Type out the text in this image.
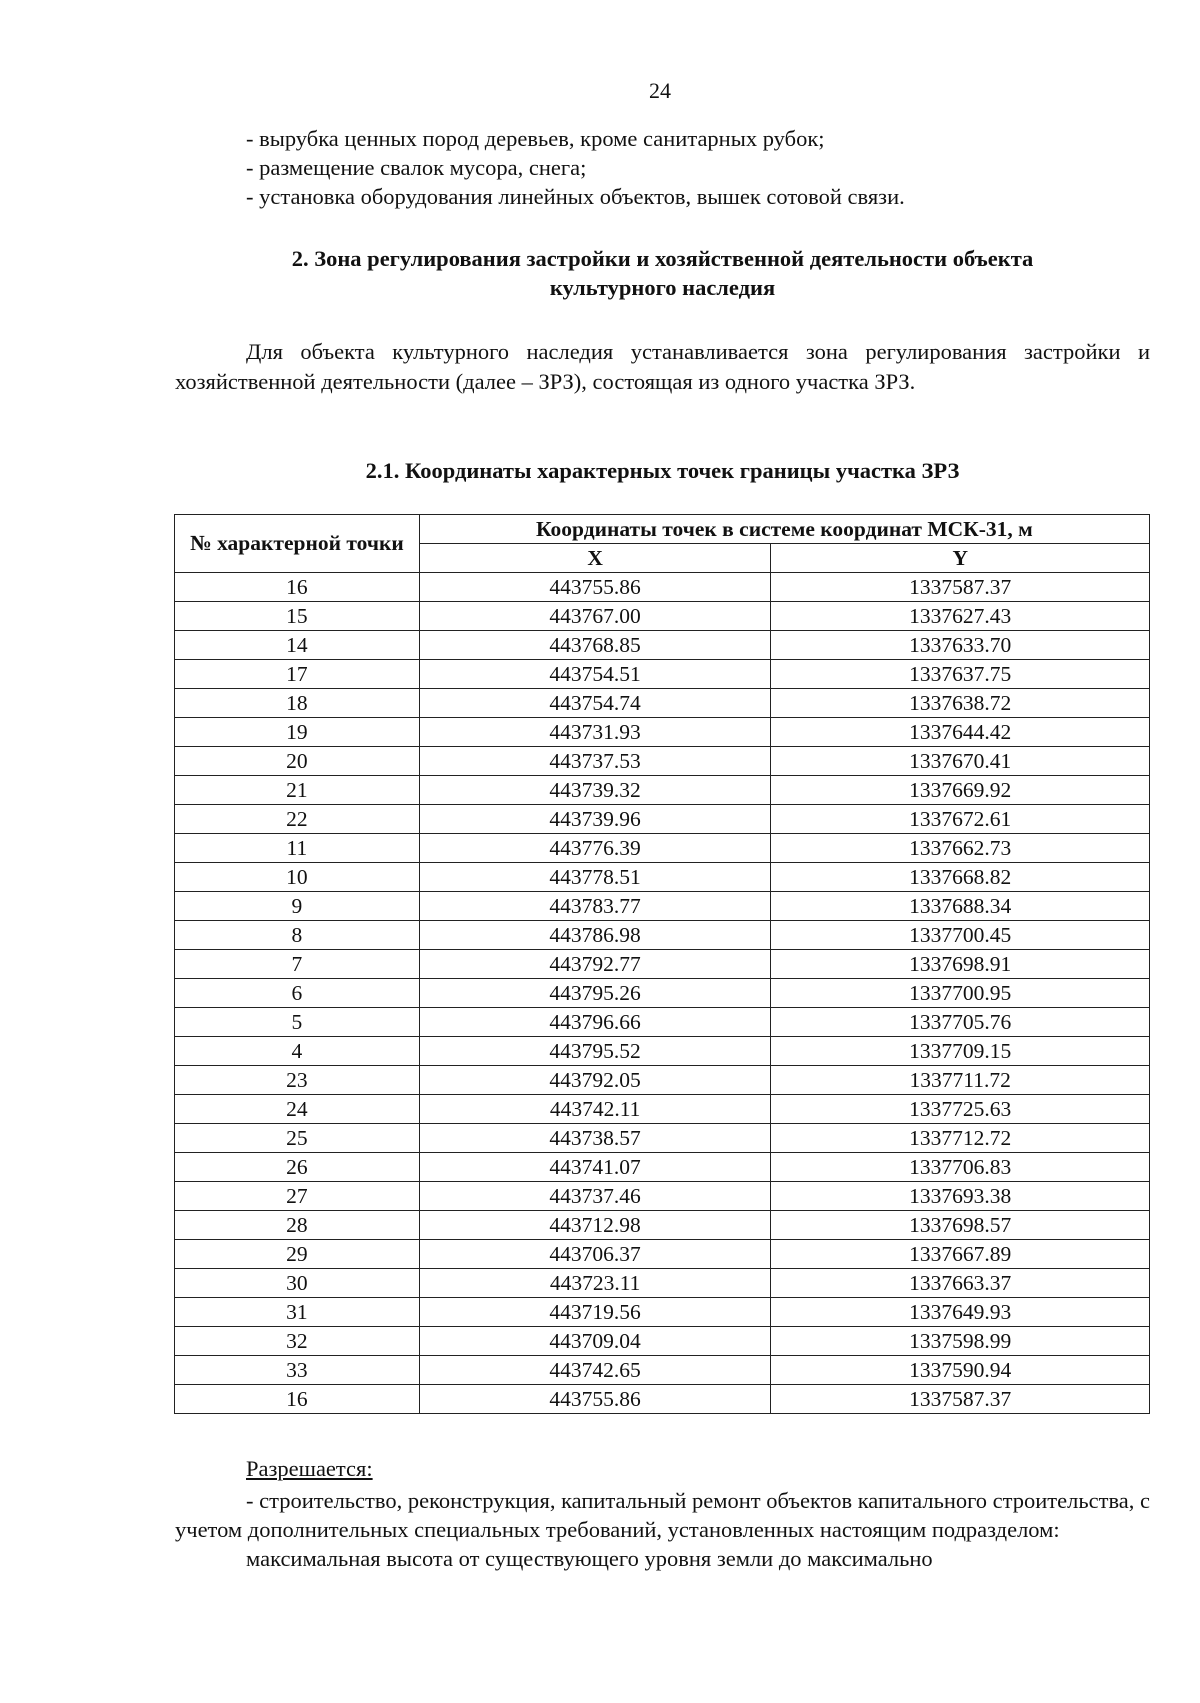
24
- вырубка ценных пород деревьев, кроме санитарных рубок;
- размещение свалок мусора, снега;
- установка оборудования линейных объектов, вышек сотовой связи.
2. Зона регулирования застройки и хозяйственной деятельности объекта
культурного наследия
Для объекта культурного наследия устанавливается зона регулирования застройки и хозяйственной деятельности (далее – ЗРЗ), состоящая из одного участка ЗРЗ.
2.1. Координаты характерных точек границы участка ЗРЗ
№ характерной точки	Координаты точек в системе координат МСК-31, м	
	X	Y
16	443755.86	1337587.37
15	443767.00	1337627.43
14	443768.85	1337633.70
17	443754.51	1337637.75
18	443754.74	1337638.72
19	443731.93	1337644.42
20	443737.53	1337670.41
21	443739.32	1337669.92
22	443739.96	1337672.61
11	443776.39	1337662.73
10	443778.51	1337668.82
9	443783.77	1337688.34
8	443786.98	1337700.45
7	443792.77	1337698.91
6	443795.26	1337700.95
5	443796.66	1337705.76
4	443795.52	1337709.15
23	443792.05	1337711.72
24	443742.11	1337725.63
25	443738.57	1337712.72
26	443741.07	1337706.83
27	443737.46	1337693.38
28	443712.98	1337698.57
29	443706.37	1337667.89
30	443723.11	1337663.37
31	443719.56	1337649.93
32	443709.04	1337598.99
33	443742.65	1337590.94
16	443755.86	1337587.37
Разрешается:

- строительство, реконструкция, капитальный ремонт объектов капитального строительства, с учетом дополнительных специальных требований, установленных настоящим подразделом:

максимальная высота от существующего уровня земли до максимально
